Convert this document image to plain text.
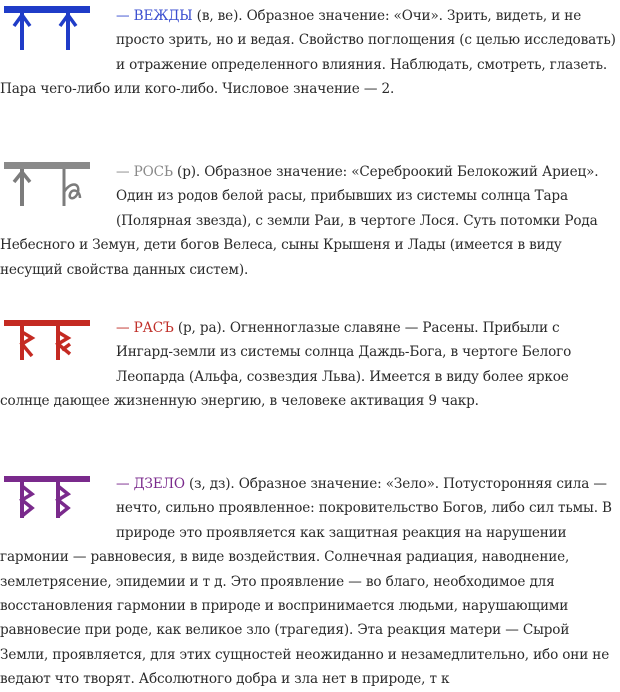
— ВЕЖДЫ (в, ве). Образное значение: «Очи». Зрить, видеть, и не просто зрить, но и ведая. Свойство поглощения (с целью исследовать) и отражение определенного влияния. Наблюдать, смотреть, глазеть. Пара чего-либо или кого-либо. Числовое значение — 2.

— РОСЬ (р). Образное значение: «Сереброокий Белокожий Ариец». Один из родов белой расы, прибывших из системы солнца Тара (Полярная звезда), с земли Раи, в чертоге Лося. Суть потомки Рода Небесного и Земун, дети богов Велеса, сыны Крышеня и Лады (имеется в виду несущий свойства данных систем).

— РАСЪ (р, ра). Огненноглазые славяне — Расены. Прибыли с Ингард-земли из системы солнца Даждь-Бога, в чертоге Белого Леопарда (Альфа, созвездия Льва). Имеется в виду более яркое солнце дающее жизненную энергию, в человеке активация 9 чакр.

— ДЗЕЛО (з, дз). Образное значение: «Зело». Потусторонняя сила — нечто, сильно проявленное: покровительство Богов, либо сил тьмы. В природе это проявляется как защитная реакция на нарушении гармонии — равновесия, в виде воздействия. Солнечная радиация, наводнение, землетрясение, эпидемии и т д. Это проявление — во благо, необходимое для восстановления гармонии в природе и воспринимается людьми, нарушающими равновесие при роде, как великое зло (трагедия). Эта реакция матери — Сырой Земли, проявляется, для этих сущностей неожиданно и незамедлительно, ибо они не ведают что творят. Абсолютного добра и зла нет в природе, т к
